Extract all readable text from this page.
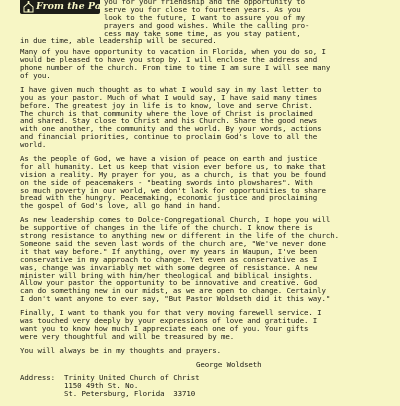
From the Pastor
you for your friendship and the opportunity to
serve you for close to fourteen years. As you
look to the future, I want to assure you of my
prayers and good wishes. While the calling pro-
cess may take some time, as you stay patient,
in due time, able leadership will be secured.
Many of you have opportunity to vacation in Florida, when you do so, I
would be pleased to have you stop by. I will enclose the address and
phone number of the church. From time to time I am sure I will see many
of you.
I have given much thought as to what I would say in my last letter to
you as your pastor. Much of what I would say, I have said many times
before. The greatest joy in life is to know, love and serve Christ.
The church is that community where the love of Christ is proclaimed
and shared. Stay close to Christ and his Church. Share the good news
with one another, the community and the world. By your words, actions
and financial priorities, continue to proclaim God's love to all the
world.
As the people of God, we have a vision of peace on earth and justice
for all humanity. Let us keep that vision ever before us, to make that
vision a reality. My prayer for you, as a church, is that you be found
on the side of peacemakers - "beating swords into plowshares". With
so much poverty in our world, we don't lack for opportunities to share
bread with the hungry. Peacemaking, economic justice and proclaiming
the gospel of God's love, all go hand in hand.
As new leadership comes to Dolce-Congregational Church, I hope you will
be supportive of changes in the life of the church. I know there is
strong resistance to anything new or different in the life of the church.
Someone said the seven last words of the church are, "We've never done
it that way before." If anything, over my years in Waupun, I've been
conservative in my approach to change. Yet even as conservative as I
was, change was invariably met with some degree of resistance. A new
minister will bring with him/her theological and biblical insights.
Allow your pastor the opportunity to be innovative and creative. God
can do something new in our midst, as we are open to change. Certainly
I don't want anyone to ever say, "But Pastor Woldseth did it this way."
Finally, I want to thank you for that very moving farewell service. I
was touched very deeply by your expressions of love and gratitude. I
want you to know how much I appreciate each one of you. Your gifts
were very thoughtful and will be treasured by me.
You will always be in my thoughts and prayers.
George Woldseth
Address: Trinity United Church of Christ
1150 49th St. No.
St. Petersburg, Florida  33710
